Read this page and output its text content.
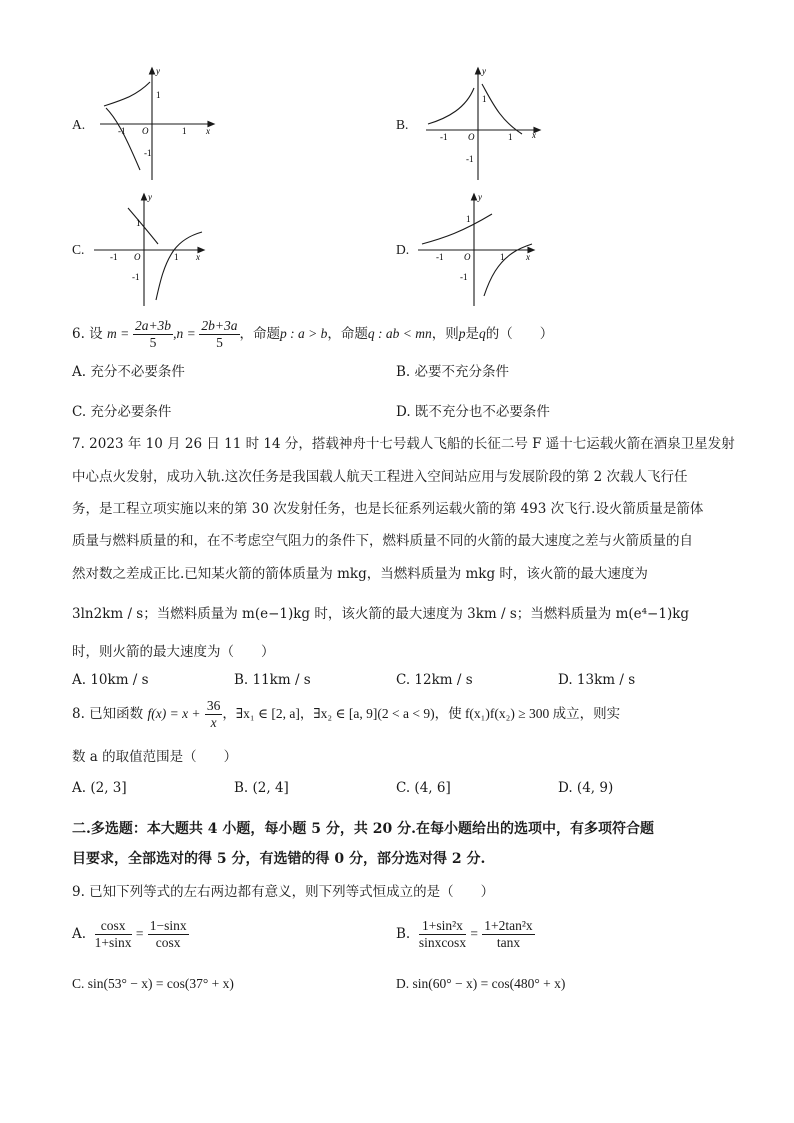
A.
y
x
O
1
1
-1
-1
B.
y
x
O
1
1
-1
-1
C.
y
x
O
1
1
-1
-1
D.
y
x
O
1
1
-1
-1
6. 设 $m = \frac{2a+3b}{5} ,n = \frac{2b+3a}{5}$ ，命题p : a > b，命题q : ab < mn，则p是q的（　　）
A. 充分不必要条件	B. 必要不充分条件
C. 充分必要条件	D. 既不充分也不必要条件
7. 2023 年 10 月 26 日 11 时 14 分，搭载神舟十七号载人飞船的长征二号 F 遥十七运载火箭在酒泉卫星发射
中心点火发射，成功入轨.这次任务是我国载人航天工程进入空间站应用与发展阶段的第 2 次载人飞行任
务，是工程立项实施以来的第 30 次发射任务，也是长征系列运载火箭的第 493 次飞行.设火箭质量是箭体
质量与燃料质量的和，在不考虑空气阻力的条件下，燃料质量不同的火箭的最大速度之差与火箭质量的自
然对数之差成正比.已知某火箭的箭体质量为 mkg，当燃料质量为 mkg 时，该火箭的最大速度为
3ln2km / s；当燃料质量为 m(e−1)kg 时，该火箭的最大速度为 3km / s；当燃料质量为 m(e⁴−1)kg
时，则火箭的最大速度为（　　）
A. 10km / s	B. 11km / s	C. 12km / s	D. 13km / s
8. 已知函数 $f(x) = x + \frac{36}{x}$ ，∃x₁ ∈ [2, a]，∃x₂ ∈ [a, 9](2 < a < 9)，使 f(x₁)f(x₂) ≥ 300 成立，则实
数 a 的取值范围是（　　）
A. (2, 3]	B. (2, 4]	C. (4, 6]	D. (4, 9)
二.多选题：本大题共 4 小题，每小题 5 分，共 20 分.在每小题给出的选项中，有多项符合题
目要求，全部选对的得 5 分，有选错的得 0 分，部分选对得 2 分.
9. 已知下列等式的左右两边都有意义，则下列等式恒成立的是（　　）
A. $\frac{\cos x}{1+\sin x} = \frac{1-\sin x}{\cos x}$	B. $\frac{\text{1+sin²x}}{\text{sinxcosx}} = \frac{\text{1+2tan²x}}{\tan x}$
C. sin(53° − x) = cos(37° + x)	D. sin(60° − x) = cos(480° + x)
